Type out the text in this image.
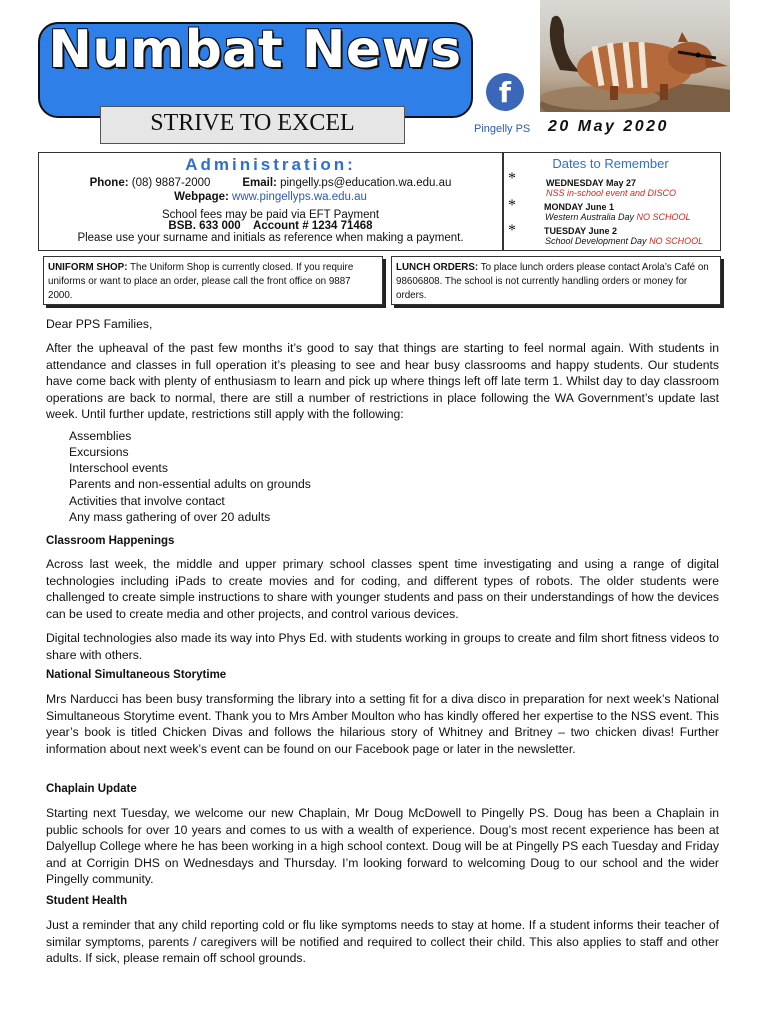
Numbat News
STRIVE TO EXCEL
f
Pingelly PS 20 May 2020
Administration:
Phone: (08) 9887-2000	Email: pingelly.ps@education.wa.edu.au
Webpage: www.pingellyps.wa.edu.au
School fees may be paid via EFT Payment
BSB. 633 000    Account # 1234 71468
Please use your surname and initials as reference when making a payment.
Dates to Remember
*	WEDNESDAY May 27
NSS in-school event and DISCO
*	MONDAY June 1
Western Australia Day NO SCHOOL
*	TUESDAY June 2
School Development Day NO SCHOOL
UNIFORM SHOP: The Uniform Shop is currently closed. If you require uniforms or want to place an order, please call the front office on 9887 2000.
LUNCH ORDERS: To place lunch orders please contact Arola’s Café on 98606808. The school is not currently handling orders or money for orders.
Dear PPS Families,
After the upheaval of the past few months it’s good to say that things are starting to feel normal again. With students in attendance and classes in full operation it’s pleasing to see and hear busy classrooms and happy students. Our students have come back with plenty of enthusiasm to learn and pick up where things left off late term 1. Whilst day to day classroom operations are back to normal, there are still a number of restrictions in place following the WA Government’s update last week. Until further update, restrictions still apply with the following:
Assemblies
Excursions
Interschool events
Parents and non-essential adults on grounds
Activities that involve contact
Any mass gathering of over 20 adults
Classroom Happenings
Across last week, the middle and upper primary school classes spent time investigating and using a range of digital technologies including iPads to create movies and for coding, and different types of robots. The older students were challenged to create simple instructions to share with younger students and pass on their understandings of how the devices can be used to create media and other projects, and control various devices.
Digital technologies also made its way into Phys Ed. with students working in groups to create and film short fitness videos to share with others.
National Simultaneous Storytime
Mrs Narducci has been busy transforming the library into a setting fit for a diva disco in preparation for next week’s National Simultaneous Storytime event. Thank you to Mrs Amber Moulton who has kindly offered her expertise to the NSS event. This year’s book is titled Chicken Divas and follows the hilarious story of Whitney and Britney – two chicken divas! Further information about next week’s event can be found on our Facebook page or later in the newsletter.
Chaplain Update
Starting next Tuesday, we welcome our new Chaplain, Mr Doug McDowell to Pingelly PS. Doug has been a Chaplain in public schools for over 10 years and comes to us with a wealth of experience. Doug’s most recent experience has been at Dalyellup College where he has been working in a high school context. Doug will be at Pingelly PS each Tuesday and Friday and at Corrigin DHS on Wednesdays and Thursday. I’m looking forward to welcoming Doug to our school and the wider Pingelly community.
Student Health
Just a reminder that any child reporting cold or flu like symptoms needs to stay at home. If a student informs their teacher of similar symptoms, parents / caregivers will be notified and required to collect their child. This also applies to staff and other adults. If sick, please remain off school grounds.
